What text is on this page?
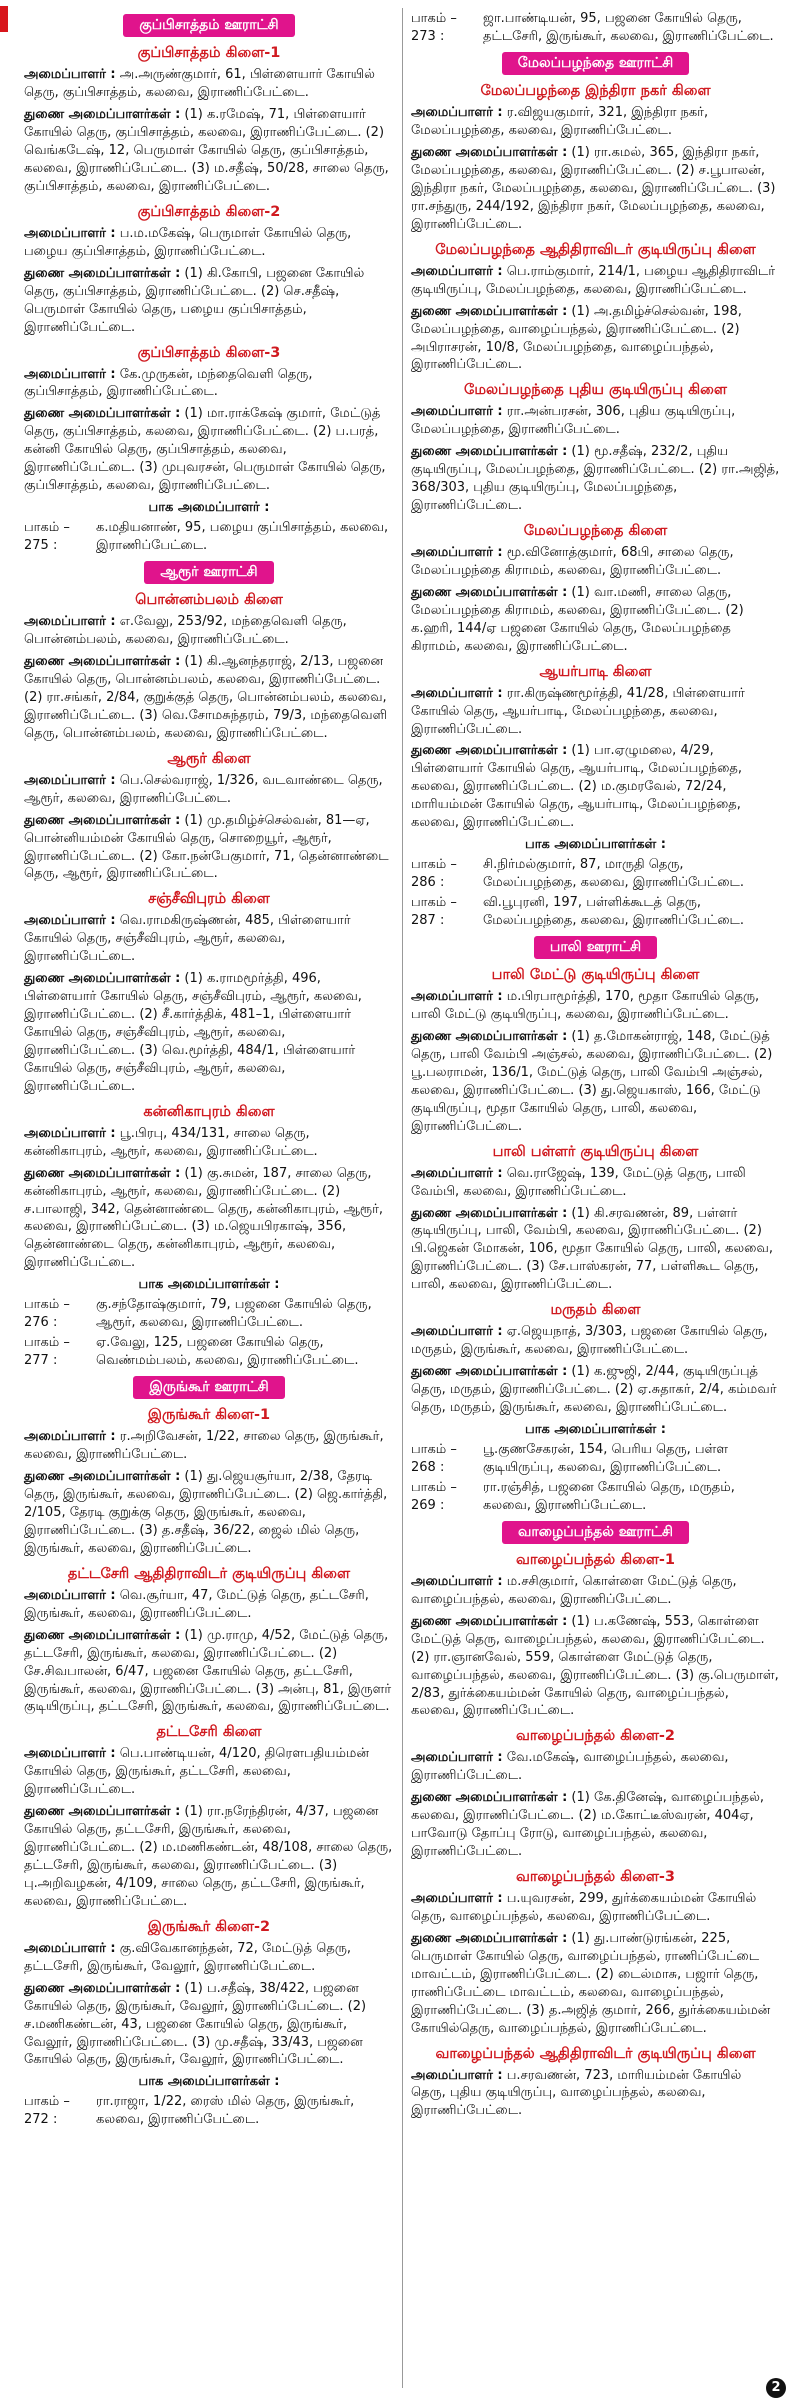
குப்பிசாத்தம் ஊராட்சி
குப்பிசாத்தம் கிளை-1

அமைப்பாளர் : அ.அருண்குமார், 61, பிள்ளையார் கோயில் தெரு, குப்பிசாத்தம், கலவை, இராணிப்பேட்டை.

துணை அமைப்பாளர்கள் : (1) க.ரமேஷ், 71, பிள்ளையார் கோயில் தெரு, குப்பிசாத்தம், கலவை, இராணிப்பேட்டை. (2) வெங்கடேஷ், 12, பெருமாள் கோயில் தெரு, குப்பிசாத்தம், கலவை, இராணிப்பேட்டை. (3) ம.சதீஷ், 50/28, சாலை தெரு, குப்பிசாத்தம், கலவை, இராணிப்பேட்டை.

குப்பிசாத்தம் கிளை-2

அமைப்பாளர் : ப.ம.மகேஷ், பெருமாள் கோயில் தெரு, பழைய குப்பிசாத்தம், இராணிப்பேட்டை.

துணை அமைப்பாளர்கள் : (1) கி.கோபி, பஜனை கோயில் தெரு, குப்பிசாத்தம், இராணிப்பேட்டை. (2) செ.சதீஷ், பெருமாள் கோயில் தெரு, பழைய குப்பிசாத்தம், இராணிப்பேட்டை.

குப்பிசாத்தம் கிளை-3

அமைப்பாளர் : கே.முருகன், மந்தைவெளி தெரு, குப்பிசாத்தம், இராணிப்பேட்டை.

துணை அமைப்பாளர்கள் : (1) மா.ராக்கேஷ் குமார், மேட்டுத் தெரு, குப்பிசாத்தம், கலவை, இராணிப்பேட்டை. (2) ப.பரத், கன்னி கோயில் தெரு, குப்பிசாத்தம், கலவை, இராணிப்பேட்டை. (3) முபுவரசன், பெருமாள் கோயில் தெரு, குப்பிசாத்தம், கலவை, இராணிப்பேட்டை.

பாக அமைப்பாளர் :
பாகம் – 275 :
க.மதியனாண், 95, பழைய குப்பிசாத்தம், கலவை, இராணிப்பேட்டை.
ஆரூர் ஊராட்சி
பொன்னம்பலம் கிளை

அமைப்பாளர் : எ.வேலு, 253/92, மந்தைவெளி தெரு, பொன்னம்பலம், கலவை, இராணிப்பேட்டை.

துணை அமைப்பாளர்கள் : (1) கி.ஆனந்தராஜ், 2/13, பஜனை கோயில் தெரு, பொன்னம்பலம், கலவை, இராணிப்பேட்டை. (2) ரா.சங்கர், 2/84, குறுக்குத் தெரு, பொன்னம்பலம், கலவை, இராணிப்பேட்டை. (3) வெ.சோமசுந்தரம், 79/3, மந்தைவெளி தெரு, பொன்னம்பலம், கலவை, இராணிப்பேட்டை.

ஆரூர் கிளை

அமைப்பாளர் : பெ.செல்வராஜ், 1/326, வடவாண்டை தெரு, ஆரூர், கலவை, இராணிப்பேட்டை.

துணை அமைப்பாளர்கள் : (1) மு.தமிழ்ச்செல்வன், 81—ஏ, பொன்னியம்மன் கோயில் தெரு, சொறையூர், ஆரூர், இராணிப்பேட்டை. (2) கோ.நன்பேகுமார், 71, தென்னாண்டை தெரு, ஆரூர், இராணிப்பேட்டை.

சஞ்சீவிபுரம் கிளை

அமைப்பாளர் : வெ.ராமகிருஷ்ணன், 485, பிள்ளையார் கோயில் தெரு, சஞ்சீவிபுரம், ஆரூர், கலவை, இராணிப்பேட்டை.

துணை அமைப்பாளர்கள் : (1) க.ராமமூர்த்தி, 496, பிள்ளையார் கோயில் தெரு, சஞ்சீவிபுரம், ஆரூர், கலவை, இராணிப்பேட்டை. (2) சீ.கார்த்திக், 481–1, பிள்ளையார் கோயில் தெரு, சஞ்சீவிபுரம், ஆரூர், கலவை, இராணிப்பேட்டை. (3) வெ.மூர்த்தி, 484/1, பிள்ளையார் கோயில் தெரு, சஞ்சீவிபுரம், ஆரூர், கலவை, இராணிப்பேட்டை.

கன்னிகாபுரம் கிளை

அமைப்பாளர் : பூ.பிரபு, 434/131, சாலை தெரு, கன்னிகாபுரம், ஆரூர், கலவை, இராணிப்பேட்டை.

துணை அமைப்பாளர்கள் : (1) கு.சுமன், 187, சாலை தெரு, கன்னிகாபுரம், ஆரூர், கலவை, இராணிப்பேட்டை. (2) ச.பாலாஜி, 342, தென்னாண்டை தெரு, கன்னிகாபுரம், ஆரூர், கலவை, இராணிப்பேட்டை. (3) ம.ஜெயபிரகாஷ், 356, தென்னாண்டை தெரு, கன்னிகாபுரம், ஆரூர், கலவை, இராணிப்பேட்டை.

பாக அமைப்பாளர்கள் :
பாகம் – 276 :
கு.சந்தோஷ்குமார், 79, பஜனை கோயில் தெரு, ஆரூர், கலவை, இராணிப்பேட்டை.
பாகம் – 277 :
ஏ.வேலு, 125, பஜனை கோயில் தெரு, வெண்மம்பலம், கலவை, இராணிப்பேட்டை.
இருங்கூர் ஊராட்சி
இருங்கூர் கிளை-1

அமைப்பாளர் : ர.அறிவேசன், 1/22, சாலை தெரு, இருங்கூர், கலவை, இராணிப்பேட்டை.

துணை அமைப்பாளர்கள் : (1) து.ஜெயசூர்யா, 2/38, தேரடி தெரு, இருங்கூர், கலவை, இராணிப்பேட்டை. (2) ஜெ.கார்த்தி, 2/105, தேரடி குறுக்கு தெரு, இருங்கூர், கலவை, இராணிப்பேட்டை. (3) த.சதீஷ், 36/22, ஜைல் மில் தெரு, இருங்கூர், கலவை, இராணிப்பேட்டை.

தட்டசேரி ஆதிதிராவிடர் குடியிருப்பு கிளை

அமைப்பாளர் : வெ.சூர்யா, 47, மேட்டுத் தெரு, தட்டசேரி, இருங்கூர், கலவை, இராணிப்பேட்டை.

துணை அமைப்பாளர்கள் : (1) மு.ராமு, 4/52, மேட்டுத் தெரு, தட்டசேரி, இருங்கூர், கலவை, இராணிப்பேட்டை. (2) சே.சிவபாலன், 6/47, பஜனை கோயில் தெரு, தட்டசேரி, இருங்கூர், கலவை, இராணிப்பேட்டை. (3) அன்பு, 81, இருளர் குடியிருப்பு, தட்டசேரி, இருங்கூர், கலவை, இராணிப்பேட்டை.

தட்டசேரி கிளை

அமைப்பாளர் : பெ.பாண்டியன், 4/120, திரௌபதியம்மன் கோயில் தெரு, இருங்கூர், தட்டசேரி, கலவை, இராணிப்பேட்டை.

துணை அமைப்பாளர்கள் : (1) ரா.நரேந்திரன், 4/37, பஜனை கோயில் தெரு, தட்டசேரி, இருங்கூர், கலவை, இராணிப்பேட்டை. (2) ம.மணிகண்டன், 48/108, சாலை தெரு, தட்டசேரி, இருங்கூர், கலவை, இராணிப்பேட்டை. (3) பு.அறிவழகன், 4/109, சாலை தெரு, தட்டசேரி, இருங்கூர், கலவை, இராணிப்பேட்டை.

இருங்கூர் கிளை-2

அமைப்பாளர் : கு.விவேகானந்தன், 72, மேட்டுத் தெரு, தட்டசேரி, இருங்கூர், வேலூர், இராணிப்பேட்டை.

துணை அமைப்பாளர்கள் : (1) ப.சதீஷ், 38/422, பஜனை கோயில் தெரு, இருங்கூர், வேலூர், இராணிப்பேட்டை. (2) ச.மணிகண்டன், 43, பஜனை கோயில் தெரு, இருங்கூர், வேலூர், இராணிப்பேட்டை. (3) மு.சதீஷ், 33/43, பஜனை கோயில் தெரு, இருங்கூர், வேலூர், இராணிப்பேட்டை.

பாக அமைப்பாளர்கள் :
பாகம் – 272 :
ரா.ராஜா, 1/22, ரைஸ் மில் தெரு, இருங்கூர், கலவை, இராணிப்பேட்டை.
பாகம் – 273 :
ஜா.பாண்டியன், 95, பஜனை கோயில் தெரு, தட்டசேரி, இருங்கூர், கலவை, இராணிப்பேட்டை.
மேலப்பழந்தை ஊராட்சி
மேலப்பழந்தை இந்திரா நகர் கிளை

அமைப்பாளர் : ர.விஜயகுமார், 321, இந்திரா நகர், மேலப்பழந்தை, கலவை, இராணிப்பேட்டை.

துணை அமைப்பாளர்கள் : (1) ரா.கமல், 365, இந்திரா நகர், மேலப்பழந்தை, கலவை, இராணிப்பேட்டை. (2) ச.பூபாலன், இந்திரா நகர், மேலப்பழந்தை, கலவை, இராணிப்பேட்டை. (3) ரா.சந்துரு, 244/192, இந்திரா நகர், மேலப்பழந்தை, கலவை, இராணிப்பேட்டை.

மேலப்பழந்தை ஆதிதிராவிடர் குடியிருப்பு கிளை

அமைப்பாளர் : பெ.ராம்குமார், 214/1, பழைய ஆதிதிராவிடர் குடியிருப்பு, மேலப்பழந்தை, கலவை, இராணிப்பேட்டை.

துணை அமைப்பாளர்கள் : (1) அ.தமிழ்ச்செல்வன், 198, மேலப்பழந்தை, வாழைப்பந்தல், இராணிப்பேட்டை. (2) அபிராசரன், 10/8, மேலப்பழந்தை, வாழைப்பந்தல், இராணிப்பேட்டை.

மேலப்பழந்தை புதிய குடியிருப்பு கிளை

அமைப்பாளர் : ரா.அன்பரசன், 306, புதிய குடியிருப்பு, மேலப்பழந்தை, இராணிப்பேட்டை.

துணை அமைப்பாளர்கள் : (1) மூ.சதீஷ், 232/2, புதிய குடியிருப்பு, மேலப்பழந்தை, இராணிப்பேட்டை. (2) ரா.அஜித், 368/303, புதிய குடியிருப்பு, மேலப்பழந்தை, இராணிப்பேட்டை.

மேலப்பழந்தை கிளை

அமைப்பாளர் : மூ.வினோத்குமார், 68பி, சாலை தெரு, மேலப்பழந்தை கிராமம், கலவை, இராணிப்பேட்டை.

துணை அமைப்பாளர்கள் : (1) வா.மணி, சாலை தெரு, மேலப்பழந்தை கிராமம், கலவை, இராணிப்பேட்டை. (2) க.ஹரி, 144/ஏ பஜனை கோயில் தெரு, மேலப்பழந்தை கிராமம், கலவை, இராணிப்பேட்டை.

ஆயர்பாடி கிளை

அமைப்பாளர் : ரா.கிருஷ்ணமூர்த்தி, 41/28, பிள்ளையார் கோயில் தெரு, ஆயர்பாடி, மேலப்பழந்தை, கலவை, இராணிப்பேட்டை.

துணை அமைப்பாளர்கள் : (1) பா.ஏழுமலை, 4/29, பிள்ளையார் கோயில் தெரு, ஆயர்பாடி, மேலப்பழந்தை, கலவை, இராணிப்பேட்டை. (2) ம.குமரவேல், 72/24, மாரியம்மன் கோயில் தெரு, ஆயர்பாடி, மேலப்பழந்தை, கலவை, இராணிப்பேட்டை.

பாக அமைப்பாளர்கள் :
பாகம் – 286 :
சி.நிர்மல்குமார், 87, மாருதி தெரு, மேலப்பழந்தை, கலவை, இராணிப்பேட்டை.
பாகம் – 287 :
வி.பூபுரனி, 197, பள்ளிக்கூடத் தெரு, மேலப்பழந்தை, கலவை, இராணிப்பேட்டை.
பாலி ஊராட்சி
பாலி மேட்டு குடியிருப்பு கிளை

அமைப்பாளர் : ம.பிரபாமூர்த்தி, 170, மூதா கோயில் தெரு, பாலி மேட்டு குடியிருப்பு, கலவை, இராணிப்பேட்டை.

துணை அமைப்பாளர்கள் : (1) த.மோகன்ராஜ், 148, மேட்டுத் தெரு, பாலி வேம்பி அஞ்சல், கலவை, இராணிப்பேட்டை. (2) பூ.பலராமன், 136/1, மேட்டுத் தெரு, பாலி வேம்பி அஞ்சல், கலவை, இராணிப்பேட்டை. (3) து.ஜெயகாஸ், 166, மேட்டு குடியிருப்பு, மூதா கோயில் தெரு, பாலி, கலவை, இராணிப்பேட்டை.

பாலி பள்ளர் குடியிருப்பு கிளை

அமைப்பாளர் : வெ.ராஜேஷ், 139, மேட்டுத் தெரு, பாலி வேம்பி, கலவை, இராணிப்பேட்டை.

துணை அமைப்பாளர்கள் : (1) கி.சரவணன், 89, பள்ளர் குடியிருப்பு, பாலி, வேம்பி, கலவை, இராணிப்பேட்டை. (2) பி.ஜெகன் மோகன், 106, மூதா கோயில் தெரு, பாலி, கலவை, இராணிப்பேட்டை. (3) சே.பாஸ்கரன், 77, பள்ளிகூட தெரு, பாலி, கலவை, இராணிப்பேட்டை.

மருதம் கிளை

அமைப்பாளர் : ஏ.ஜெயநாத், 3/303, பஜனை கோயில் தெரு, மருதம், இருங்கூர், கலவை, இராணிப்பேட்டை.

துணை அமைப்பாளர்கள் : (1) க.ஜுஜி, 2/44, குடியிருப்புத் தெரு, மருதம், இராணிப்பேட்டை. (2) ஏ.சுதாகர், 2/4, கம்மவர் தெரு, மருதம், இருங்கூர், கலவை, இராணிப்பேட்டை.

பாக அமைப்பாளர்கள் :
பாகம் – 268 :
பூ.குணசேகரன், 154, பெரிய தெரு, பள்ள குடியிருப்பு, கலவை, இராணிப்பேட்டை.
பாகம் – 269 :
ரா.ரஞ்சித், பஜனை கோயில் தெரு, மருதம், கலவை, இராணிப்பேட்டை.
வாழைப்பந்தல் ஊராட்சி
வாழைப்பந்தல் கிளை-1

அமைப்பாளர் : ம.சசிகுமார், கொள்ளை மேட்டுத் தெரு, வாழைப்பந்தல், கலவை, இராணிப்பேட்டை.

துணை அமைப்பாளர்கள் : (1) ப.கணேஷ், 553, கொள்ளை மேட்டுத் தெரு, வாழைப்பந்தல், கலவை, இராணிப்பேட்டை. (2) ரா.ஞானவேல், 559, கொள்ளை மேட்டுத் தெரு, வாழைப்பந்தல், கலவை, இராணிப்பேட்டை. (3) கு.பெருமாள், 2/83, துர்க்கையம்மன் கோயில் தெரு, வாழைப்பந்தல், கலவை, இராணிப்பேட்டை.

வாழைப்பந்தல் கிளை-2

அமைப்பாளர் : வே.மகேஷ், வாழைப்பந்தல், கலவை, இராணிப்பேட்டை.

துணை அமைப்பாளர்கள் : (1) கே.தினேஷ், வாழைப்பந்தல், கலவை, இராணிப்பேட்டை. (2) ம.கோட்டீஸ்வரன், 404ஏ, பாவோடு தோப்பு ரோடு, வாழைப்பந்தல், கலவை, இராணிப்பேட்டை.

வாழைப்பந்தல் கிளை-3

அமைப்பாளர் : ப.யுவரசன், 299, துர்க்கையம்மன் கோயில் தெரு, வாழைப்பந்தல், கலவை, இராணிப்பேட்டை.

துணை அமைப்பாளர்கள் : (1) து.பாண்டுரங்கன், 225, பெருமாள் கோயில் தெரு, வாழைப்பந்தல், ராணிப்பேட்டை மாவட்டம், இராணிப்பேட்டை. (2) டைல்மாசு, பஜார் தெரு, ராணிப்பேட்டை மாவட்டம், கலவை, வாழைப்பந்தல், இராணிப்பேட்டை. (3) த.அஜித் குமார், 266, துர்க்கையம்மன் கோயில்தெரு, வாழைப்பந்தல், இராணிப்பேட்டை.

வாழைப்பந்தல் ஆதிதிராவிடர் குடியிருப்பு கிளை

அமைப்பாளர் : ப.சரவணன், 723, மாரியம்மன் கோயில் தெரு, புதிய குடியிருப்பு, வாழைப்பந்தல், கலவை, இராணிப்பேட்டை.

2
